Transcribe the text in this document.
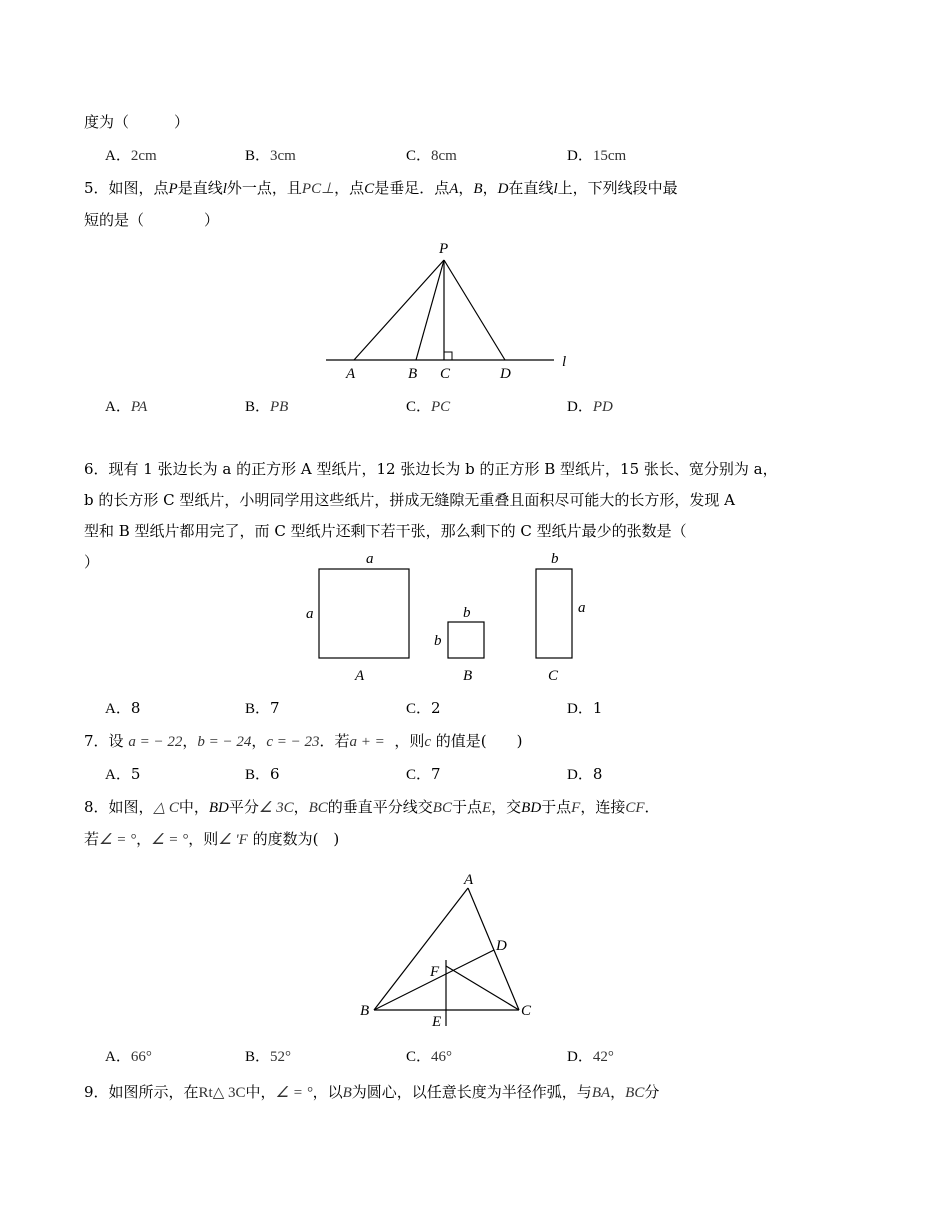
度为（　　　）
A．2cm	B．3cm	C．8cm	D．15cm
5．如图，点P是直线l外一点，且PC⊥，点C是垂足．点A，B，D在直线l上，下列线段中最
短的是（　　　　）
P
A	B C	D
l
A．PA	B．PB	C．PC	D．PD
6．现有 1 张边长为 a 的正方形 A 型纸片，12 张边长为 b 的正方形 B 型纸片，15 张长、宽分别为 a，
b 的长方形 C 型纸片，小明同学用这些纸片，拼成无缝隙无重叠且面积尽可能大的长方形，发现 A
型和 B 型纸片都用完了，而 C 型纸片还剩下若干张，那么剩下的 C 型纸片最少的张数是（
）	a
a
A
b
b
B
b
a
C
A．8	B．7	C．2	D．1
7．设 a = − 22，b = − 24，c = − 23．若a + = ，则c 的值是(　　)
A．5	B．6	C．7	D．8
8．如图，△ C中，BD平分∠ 3C，BC的垂直平分线交BC于点E，交BD于点F，连接CF．
若∠ = °，∠ = °，则∠ 'F 的度数为(　)
A
B	C
D
E
F
A．66°	B．52°	C．46°	D．42°
9．如图所示，在Rt△ 3C中，∠ = °，以B为圆心，以任意长度为半径作弧，与BA，BC分
